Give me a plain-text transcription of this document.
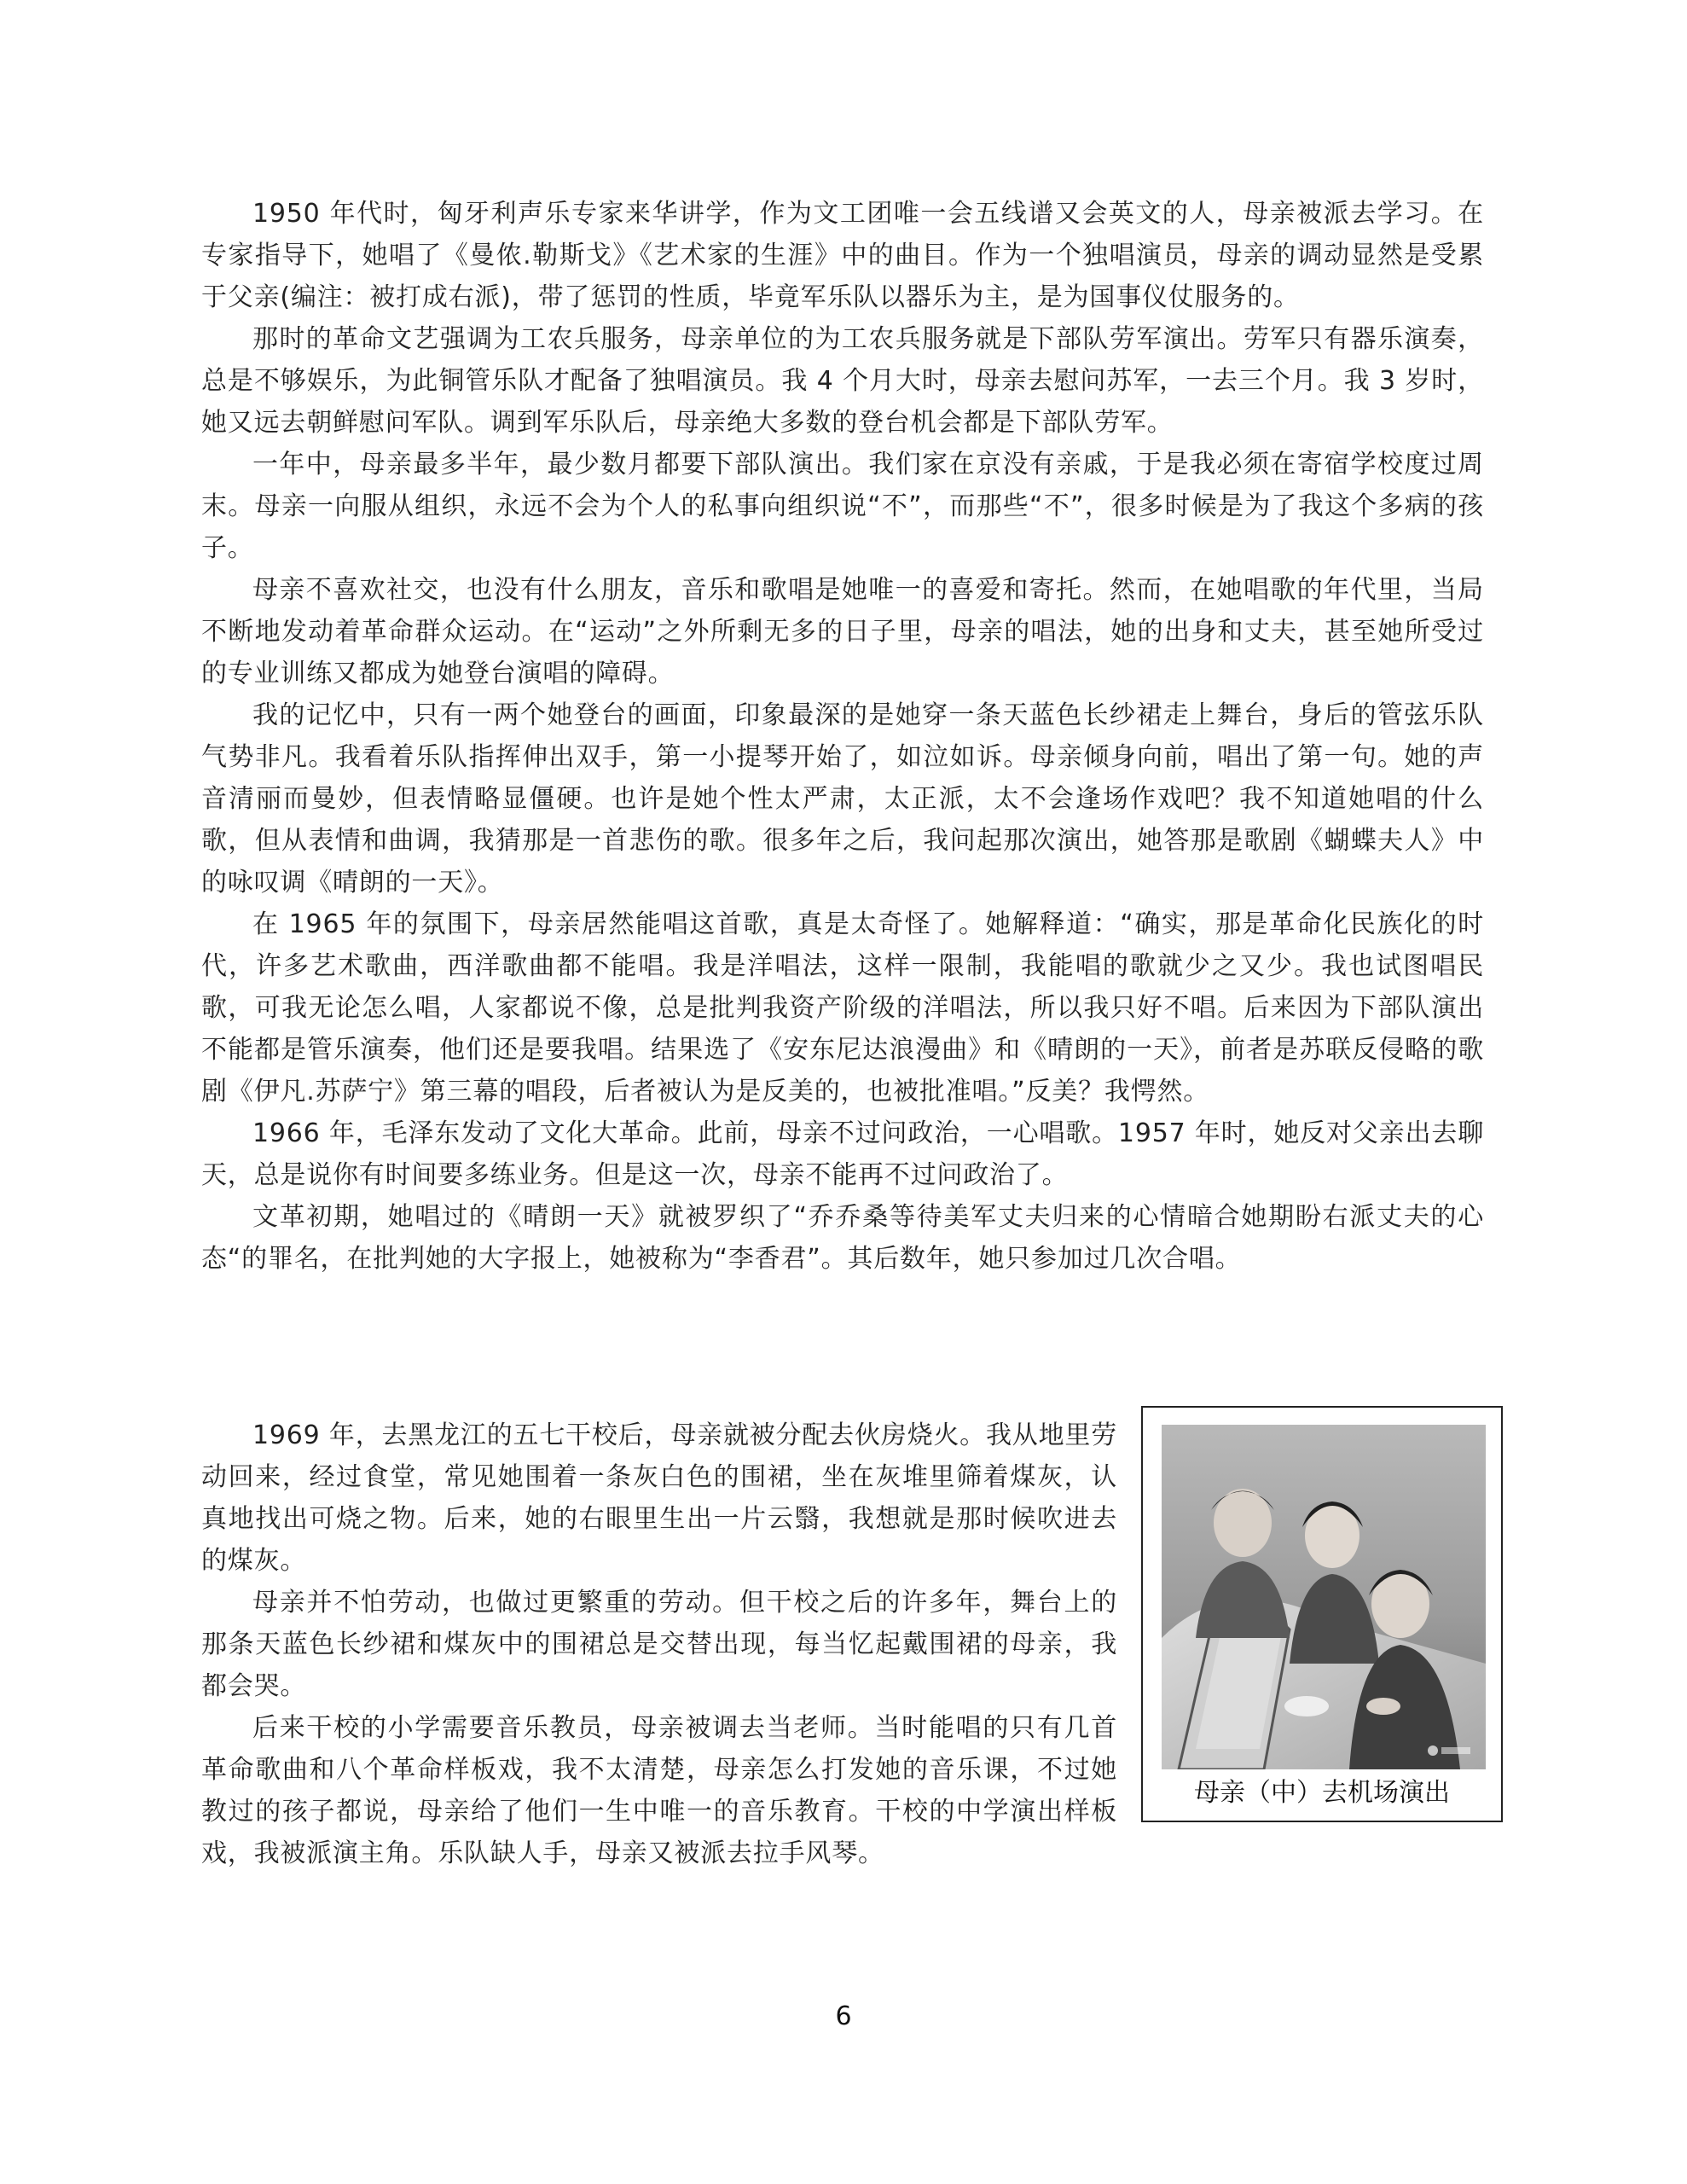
1950 年代时，匈牙利声乐专家来华讲学，作为文工团唯一会五线谱又会英文的人，母亲被派去学习。在专家指导下，她唱了《曼侬.勒斯戈》《艺术家的生涯》中的曲目。作为一个独唱演员，母亲的调动显然是受累于父亲(编注：被打成右派)，带了惩罚的性质，毕竟军乐队以器乐为主，是为国事仪仗服务的。

那时的革命文艺强调为工农兵服务，母亲单位的为工农兵服务就是下部队劳军演出。劳军只有器乐演奏，总是不够娱乐，为此铜管乐队才配备了独唱演员。我 4 个月大时，母亲去慰问苏军，一去三个月。我 3 岁时，她又远去朝鲜慰问军队。调到军乐队后，母亲绝大多数的登台机会都是下部队劳军。

一年中，母亲最多半年，最少数月都要下部队演出。我们家在京没有亲戚，于是我必须在寄宿学校度过周末。母亲一向服从组织，永远不会为个人的私事向组织说“不”，而那些“不”，很多时候是为了我这个多病的孩子。

母亲不喜欢社交，也没有什么朋友，音乐和歌唱是她唯一的喜爱和寄托。然而，在她唱歌的年代里，当局不断地发动着革命群众运动。在“运动”之外所剩无多的日子里，母亲的唱法，她的出身和丈夫，甚至她所受过的专业训练又都成为她登台演唱的障碍。

我的记忆中，只有一两个她登台的画面，印象最深的是她穿一条天蓝色长纱裙走上舞台，身后的管弦乐队气势非凡。我看着乐队指挥伸出双手，第一小提琴开始了，如泣如诉。母亲倾身向前，唱出了第一句。她的声音清丽而曼妙，但表情略显僵硬。也许是她个性太严肃，太正派，太不会逢场作戏吧？我不知道她唱的什么歌，但从表情和曲调，我猜那是一首悲伤的歌。很多年之后，我问起那次演出，她答那是歌剧《蝴蝶夫人》中的咏叹调《晴朗的一天》。

在 1965 年的氛围下，母亲居然能唱这首歌，真是太奇怪了。她解释道：“确实，那是革命化民族化的时代，许多艺术歌曲，西洋歌曲都不能唱。我是洋唱法，这样一限制，我能唱的歌就少之又少。我也试图唱民歌，可我无论怎么唱，人家都说不像，总是批判我资产阶级的洋唱法，所以我只好不唱。后来因为下部队演出不能都是管乐演奏，他们还是要我唱。结果选了《安东尼达浪漫曲》和《晴朗的一天》，前者是苏联反侵略的歌剧《伊凡.苏萨宁》第三幕的唱段，后者被认为是反美的，也被批准唱。”反美？我愕然。

1966 年，毛泽东发动了文化大革命。此前，母亲不过问政治，一心唱歌。1957 年时，她反对父亲出去聊天，总是说你有时间要多练业务。但是这一次，母亲不能再不过问政治了。

文革初期，她唱过的《晴朗一天》就被罗织了“乔乔桑等待美军丈夫归来的心情暗合她期盼右派丈夫的心态“的罪名，在批判她的大字报上，她被称为“李香君”。其后数年，她只参加过几次合唱。

1969 年，去黑龙江的五七干校后，母亲就被分配去伙房烧火。我从地里劳动回来，经过食堂，常见她围着一条灰白色的围裙，坐在灰堆里筛着煤灰，认真地找出可烧之物。后来，她的右眼里生出一片云翳，我想就是那时候吹进去的煤灰。

母亲并不怕劳动，也做过更繁重的劳动。但干校之后的许多年，舞台上的那条天蓝色长纱裙和煤灰中的围裙总是交替出现，每当忆起戴围裙的母亲，我都会哭。

后来干校的小学需要音乐教员，母亲被调去当老师。当时能唱的只有几首革命歌曲和八个革命样板戏，我不太清楚，母亲怎么打发她的音乐课，不过她教过的孩子都说，母亲给了他们一生中唯一的音乐教育。干校的中学演出样板戏，我被派演主角。乐队缺人手，母亲又被派去拉手风琴。

母亲（中）去机场演出
6
